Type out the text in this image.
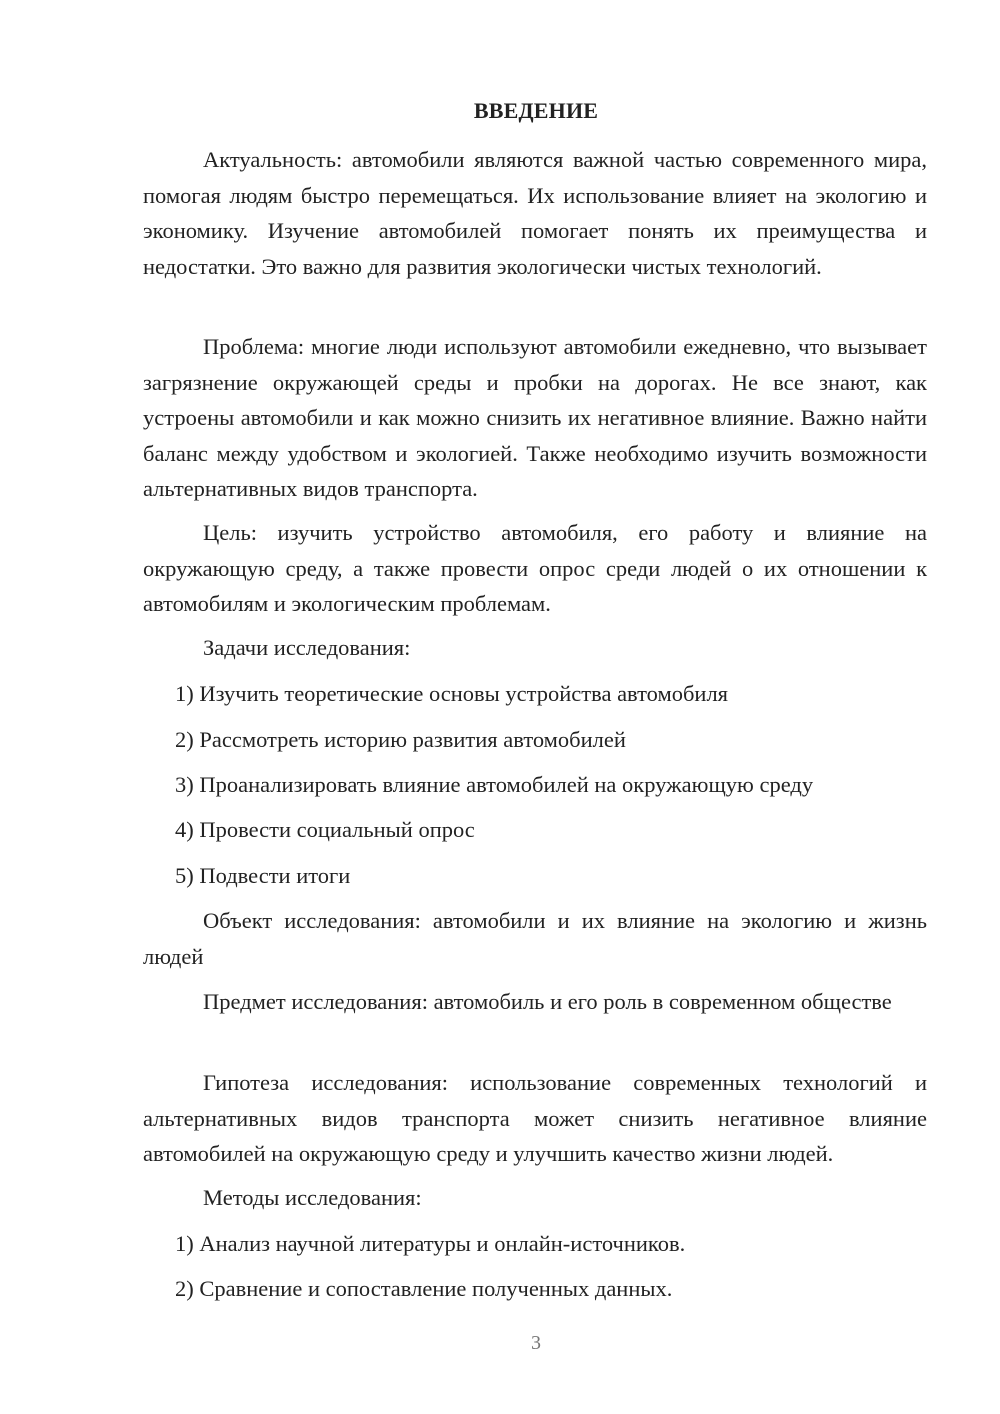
ВВЕДЕНИЕ

Актуальность: автомобили являются важной частью современного мира, помогая людям быстро перемещаться. Их использование влияет на экологию и экономику. Изучение автомобилей помогает понять их преимущества и недостатки. Это важно для развития экологически чистых технологий.

Проблема: многие люди используют автомобили ежедневно, что вызывает загрязнение окружающей среды и пробки на дорогах. Не все знают, как устроены автомобили и как можно снизить их негативное влияние. Важно найти баланс между удобством и экологией. Также необходимо изучить возможности альтернативных видов транспорта.

Цель: изучить устройство автомобиля, его работу и влияние на окружающую среду, а также провести опрос среди людей о их отношении к автомобилям и экологическим проблемам.

Задачи исследования:
1) Изучить теоретические основы устройства автомобиля
2) Рассмотреть историю развития автомобилей
3) Проанализировать влияние автомобилей на окружающую среду
4) Провести социальный опрос
5) Подвести итоги

Объект исследования: автомобили и их влияние на экологию и жизнь людей

Предмет исследования: автомобиль и его роль в современном обществе

Гипотеза исследования: использование современных технологий и альтернативных видов транспорта может снизить негативное влияние автомобилей на окружающую среду и улучшить качество жизни людей.

Методы исследования:
1) Анализ научной литературы и онлайн-источников.
2) Сравнение и сопоставление полученных данных.
3
